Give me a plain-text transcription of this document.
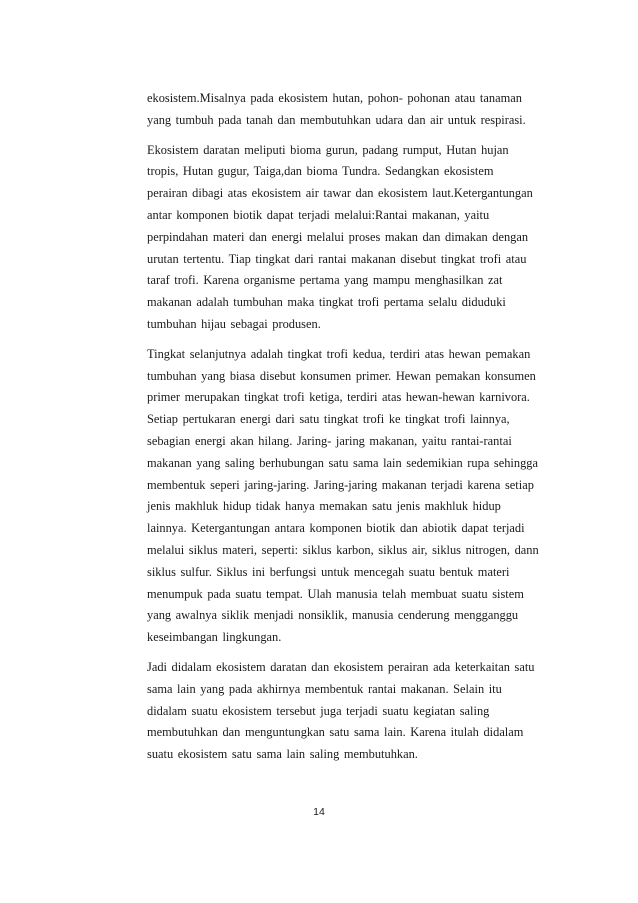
ekosistem.Misalnya pada ekosistem hutan, pohon- pohonan atau tanaman
yang tumbuh pada tanah dan membutuhkan udara dan air untuk respirasi.
Ekosistem daratan meliputi bioma gurun, padang rumput, Hutan hujan
tropis, Hutan gugur, Taiga,dan bioma Tundra. Sedangkan ekosistem
perairan dibagi atas ekosistem air tawar dan ekosistem laut.Ketergantungan
antar komponen biotik dapat terjadi melalui:Rantai makanan, yaitu
perpindahan materi dan energi melalui proses makan dan dimakan dengan
urutan tertentu. Tiap tingkat dari rantai makanan disebut tingkat trofi atau
taraf trofi. Karena organisme pertama yang mampu menghasilkan zat
makanan adalah tumbuhan maka tingkat trofi pertama selalu diduduki
tumbuhan hijau sebagai produsen.
Tingkat selanjutnya adalah tingkat trofi kedua, terdiri atas hewan pemakan
tumbuhan yang biasa disebut konsumen primer. Hewan pemakan konsumen
primer merupakan tingkat trofi ketiga, terdiri atas hewan-hewan karnivora.
Setiap pertukaran energi dari satu tingkat trofi ke tingkat trofi lainnya,
sebagian energi akan hilang. Jaring- jaring makanan, yaitu rantai-rantai
makanan yang saling berhubungan satu sama lain sedemikian rupa sehingga
membentuk seperi jaring-jaring. Jaring-jaring makanan terjadi karena setiap
jenis makhluk hidup tidak hanya memakan satu jenis makhluk hidup
lainnya. Ketergantungan antara komponen biotik dan abiotik dapat terjadi
melalui siklus materi, seperti: siklus karbon, siklus air, siklus nitrogen, dann
siklus sulfur. Siklus ini berfungsi untuk mencegah suatu bentuk materi
menumpuk pada suatu tempat. Ulah manusia telah membuat suatu sistem
yang awalnya siklik menjadi nonsiklik, manusia cenderung mengganggu
keseimbangan lingkungan.
Jadi didalam ekosistem daratan dan ekosistem perairan ada keterkaitan satu
sama lain yang pada akhirnya membentuk rantai makanan. Selain itu
didalam suatu ekosistem tersebut juga terjadi suatu kegiatan saling
membutuhkan dan menguntungkan satu sama lain. Karena itulah didalam
suatu ekosistem satu sama lain saling membutuhkan.
14
